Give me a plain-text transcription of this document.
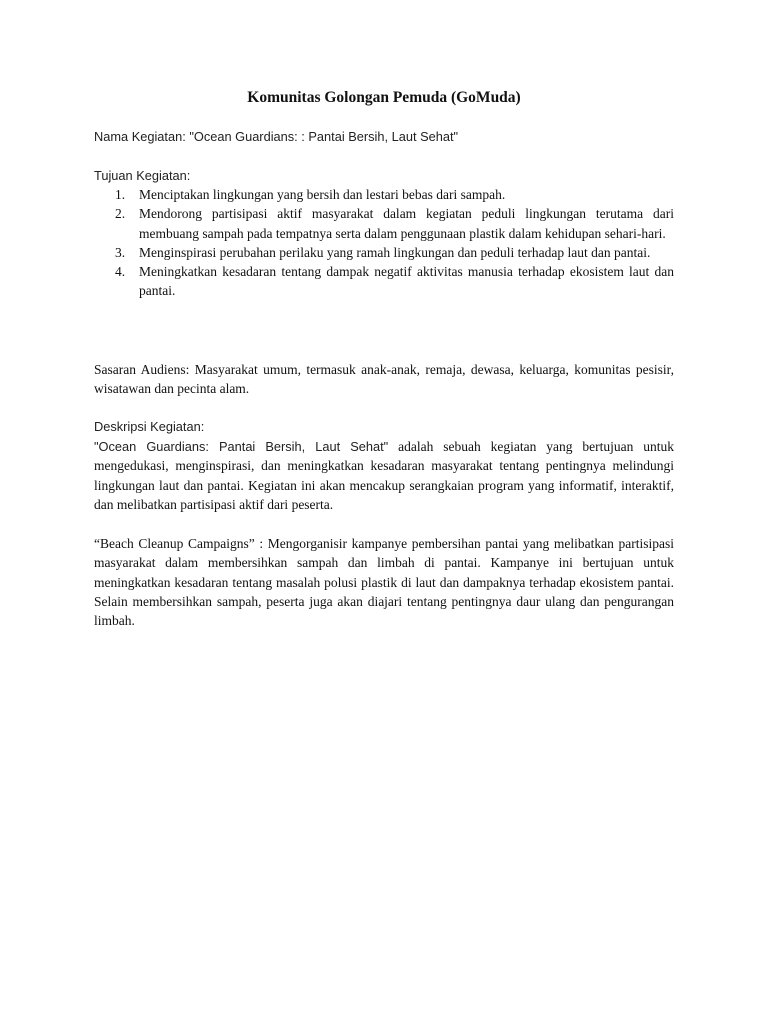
Komunitas Golongan Pemuda (GoMuda)

Nama Kegiatan: "Ocean Guardians: : Pantai Bersih, Laut Sehat"

Tujuan Kegiatan:

1. Menciptakan lingkungan yang bersih dan lestari bebas dari sampah.
2. Mendorong partisipasi aktif masyarakat dalam kegiatan peduli lingkungan terutama dari membuang sampah pada tempatnya serta dalam penggunaan plastik dalam kehidupan sehari-hari.
3. Menginspirasi perubahan perilaku yang ramah lingkungan dan peduli terhadap laut dan pantai.
4. Meningkatkan kesadaran tentang dampak negatif aktivitas manusia terhadap ekosistem laut dan pantai.

Sasaran Audiens: Masyarakat umum, termasuk anak-anak, remaja, dewasa, keluarga, komunitas pesisir, wisatawan dan pecinta alam.

Deskripsi Kegiatan:

"Ocean Guardians: Pantai Bersih, Laut Sehat" adalah sebuah kegiatan yang bertujuan untuk mengedukasi, menginspirasi, dan meningkatkan kesadaran masyarakat tentang pentingnya melindungi lingkungan laut dan pantai. Kegiatan ini akan mencakup serangkaian program yang informatif, interaktif, dan melibatkan partisipasi aktif dari peserta.

“Beach Cleanup Campaigns” : Mengorganisir kampanye pembersihan pantai yang melibatkan partisipasi masyarakat dalam membersihkan sampah dan limbah di pantai. Kampanye ini bertujuan untuk meningkatkan kesadaran tentang masalah polusi plastik di laut dan dampaknya terhadap ekosistem pantai. Selain membersihkan sampah, peserta juga akan diajari tentang pentingnya daur ulang dan pengurangan limbah.
